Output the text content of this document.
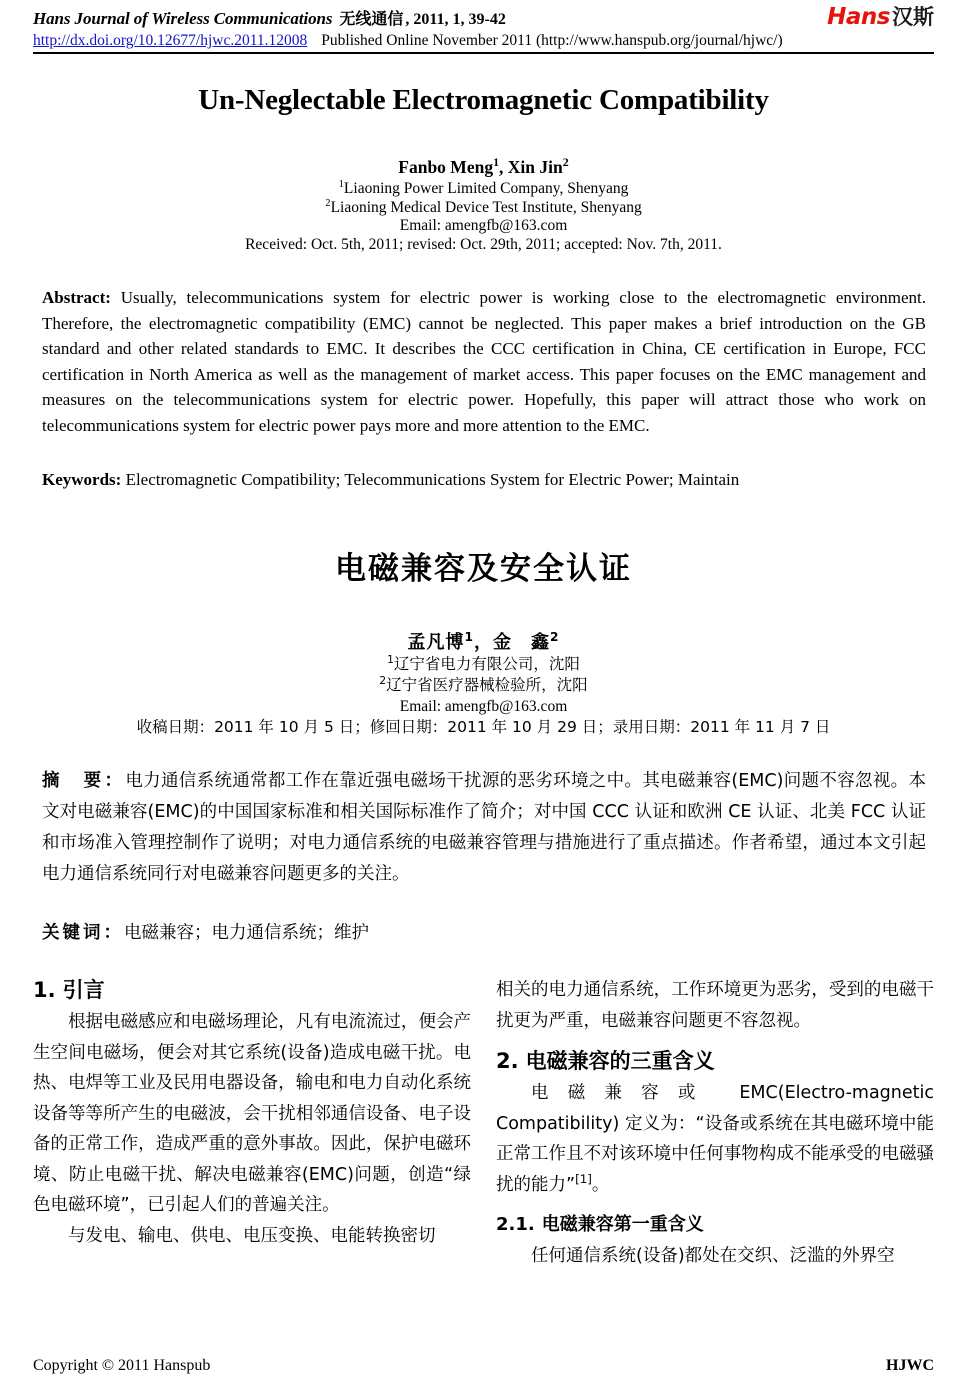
Hans Journal of Wireless Communications 无线通信 , 2011, 1, 39-42	Hans 汉斯
http://dx.doi.org/10.12677/hjwc.2011.12008 Published Online November 2011 (http://www.hanspub.org/journal/hjwc/)
Un-Neglectable Electromagnetic Compatibility
Fanbo Meng$^1$, Xin Jin$^2$
$^1$Liaoning Power Limited Company, Shenyang
$^2$Liaoning Medical Device Test Institute, Shenyang
Email: amengfb@163.com
Received: Oct. 5th, 2011; revised: Oct. 29th, 2011; accepted: Nov. 7th, 2011.
Abstract: Usually, telecommunications system for electric power is working close to the electromagnetic environment. Therefore, the electromagnetic compatibility (EMC) cannot be neglected. This paper makes a brief introduction on the GB standard and other related standards to EMC. It describes the CCC certification in China, CE certification in Europe, FCC certification in North America as well as the management of market access. This paper focuses on the EMC management and measures on the telecommunications system for electric power. Hopefully, this paper will attract those who work on telecommunications system for electric power pays more and more attention to the EMC.
Keywords: Electromagnetic Compatibility; Telecommunications System for Electric Power; Maintain
电磁兼容及安全认证
孟凡博$^1$，金　鑫$^2$
$^1$辽宁省电力有限公司，沈阳
$^2$辽宁省医疗器械检验所，沈阳
Email: amengfb@163.com
收稿日期：2011 年 10 月 5 日；修回日期：2011 年 10 月 29 日；录用日期：2011 年 11 月 7 日
摘　要：电力通信系统通常都工作在靠近强电磁场干扰源的恶劣环境之中。其电磁兼容(EMC)问题不容忽视。本文对电磁兼容(EMC)的中国国家标准和相关国际标准作了简介；对中国 CCC 认证和欧洲 CE 认证、北美 FCC 认证和市场准入管理控制作了说明；对电力通信系统的电磁兼容管理与措施进行了重点描述。作者希望，通过本文引起电力通信系统同行对电磁兼容问题更多的关注。
关键词：电磁兼容；电力通信系统；维护
1. 引言

根据电磁感应和电磁场理论，凡有电流流过，便会产生空间电磁场，便会对其它系统(设备)造成电磁干扰。电热、电焊等工业及民用电器设备，输电和电力自动化系统设备等等所产生的电磁波，会干扰相邻通信设备、电子设备的正常工作，造成严重的意外事故。因此，保护电磁环境、防止电磁干扰、解决电磁兼容(EMC)问题，创造“绿色电磁环境”，已引起人们的普遍关注。

与发电、输电、供电、电压变换、电能转换密切

相关的电力通信系统，工作环境更为恶劣，受到的电磁干扰更为严重，电磁兼容问题更不容忽视。

2. 电磁兼容的三重含义

电磁兼容或 EMC(Electro-magnetic Compatibility) 定义为：“设备或系统在其电磁环境中能正常工作且不对该环境中任何事物构成不能承受的电磁骚扰的能力”[1]。

2.1. 电磁兼容第一重含义

任何通信系统(设备)都处在交织、泛滥的外界空

Copyright © 2011 Hanspub	HJWC
